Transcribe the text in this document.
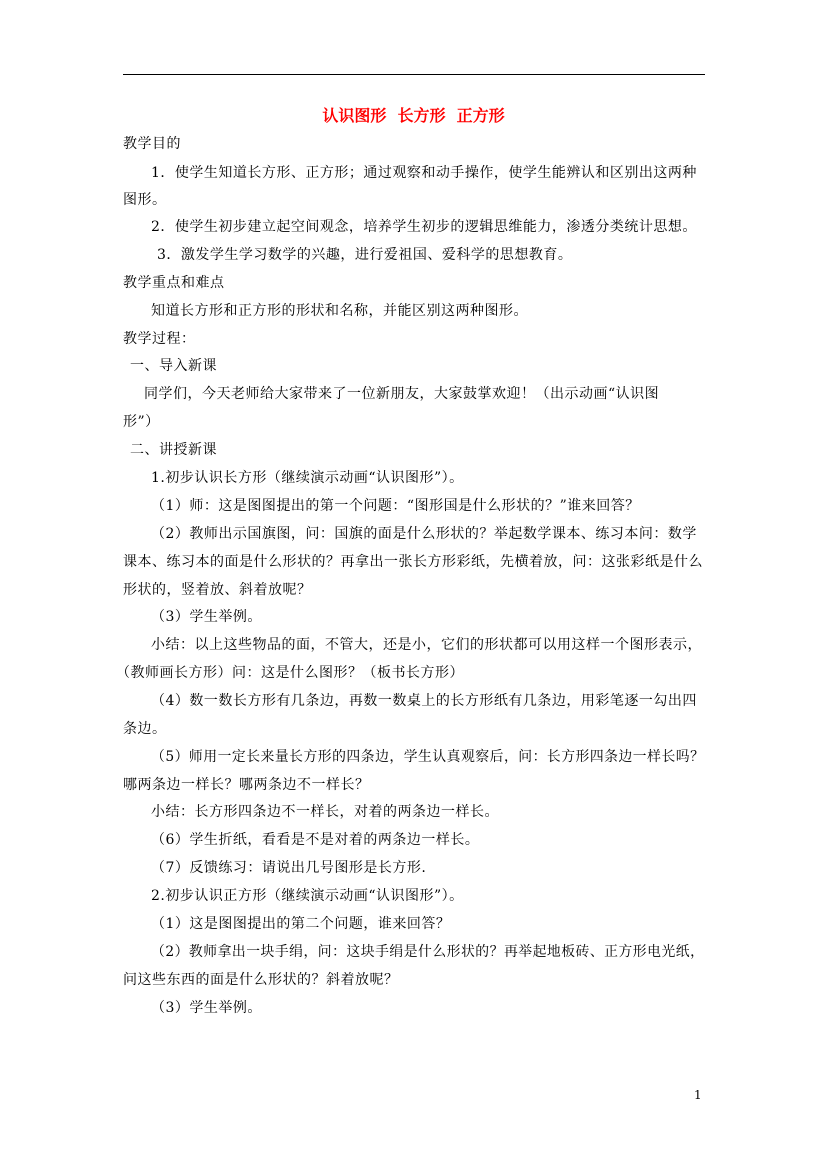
认识图形  长方形  正方形
教学目的
1．使学生知道长方形、正方形；通过观察和动手操作，使学生能辨认和区别出这两种
图形。
2．使学生初步建立起空间观念，培养学生初步的逻辑思维能力，渗透分类统计思想。
3．激发学生学习数学的兴趣，进行爱祖国、爱科学的思想教育。
教学重点和难点
知道长方形和正方形的形状和名称，并能区别这两种图形。
教学过程：
一、导入新课
同学们，今天老师给大家带来了一位新朋友，大家鼓掌欢迎！（出示动画“认识图
形”）
二、讲授新课
1.初步认识长方形（继续演示动画“认识图形”）。
（1）师：这是图图提出的第一个问题：“图形国是什么形状的？”谁来回答？
（2）教师出示国旗图，问：国旗的面是什么形状的？举起数学课本、练习本问：数学
课本、练习本的面是什么形状的？再拿出一张长方形彩纸，先横着放，问：这张彩纸是什么
形状的，竖着放、斜着放呢？
（3）学生举例。
小结：以上这些物品的面，不管大，还是小，它们的形状都可以用这样一个图形表示，
（教师画长方形）问：这是什么图形？（板书长方形）
（4）数一数长方形有几条边，再数一数桌上的长方形纸有几条边，用彩笔逐一勾出四
条边。
（5）师用一定长来量长方形的四条边，学生认真观察后，问：长方形四条边一样长吗？
哪两条边一样长？哪两条边不一样长？
小结：长方形四条边不一样长，对着的两条边一样长。
（6）学生折纸，看看是不是对着的两条边一样长。
（7）反馈练习：请说出几号图形是长方形.
2.初步认识正方形（继续演示动画“认识图形”）。
（1）这是图图提出的第二个问题，谁来回答？
（2）教师拿出一块手绢，问：这块手绢是什么形状的？再举起地板砖、正方形电光纸，
问这些东西的面是什么形状的？斜着放呢？
（3）学生举例。
1
